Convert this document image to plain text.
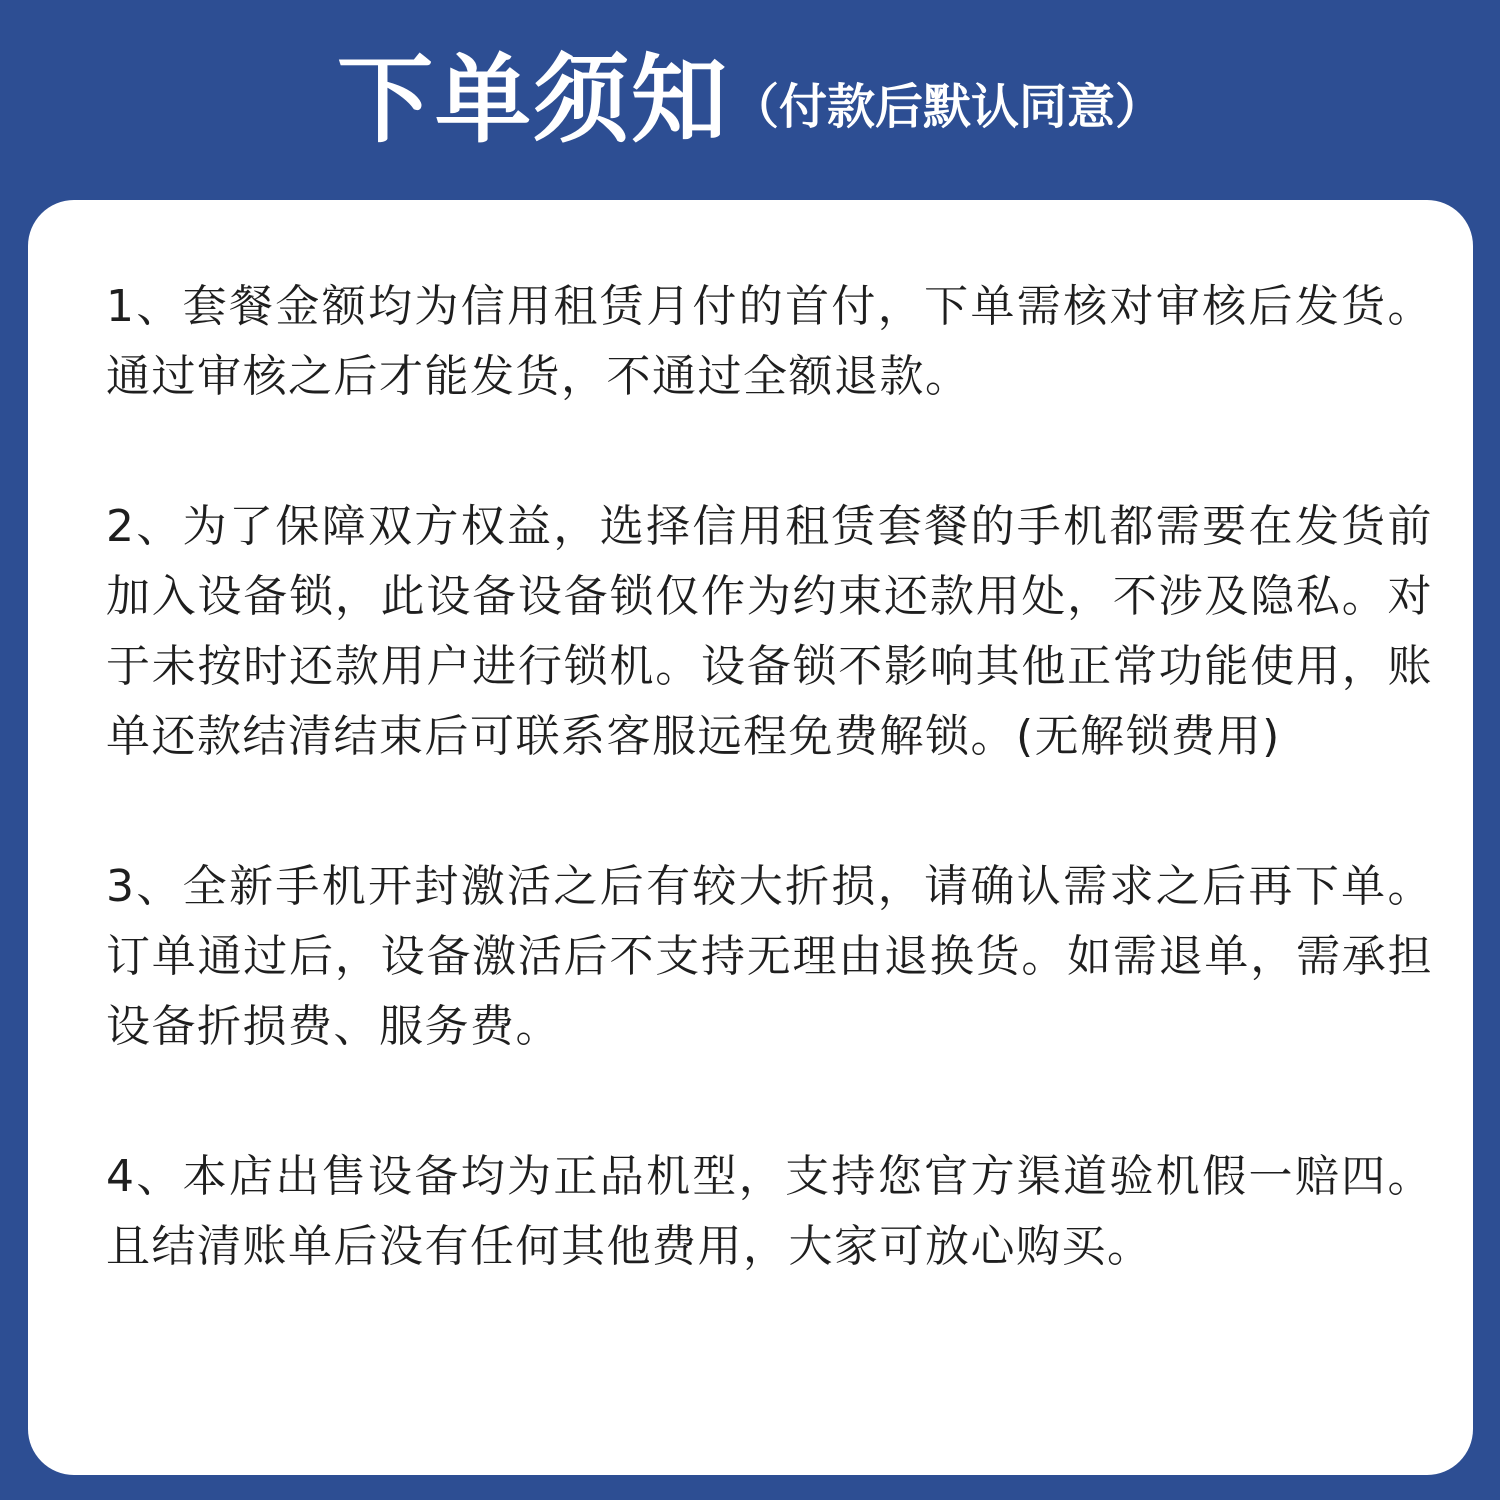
下单须知 （付款后默认同意）

1、套餐金额均为信用租赁月付的首付，下单需核对审核后发货。通过审核之后才能发货，不通过全额退款。

2、为了保障双方权益，选择信用租赁套餐的手机都需要在发货前加入设备锁，此设备设备锁仅作为约束还款用处，不涉及隐私。对于未按时还款用户进行锁机。设备锁不影响其他正常功能使用，账单还款结清结束后可联系客服远程免费解锁。(无解锁费用)

3、全新手机开封激活之后有较大折损，请确认需求之后再下单。订单通过后，设备激活后不支持无理由退换货。如需退单，需承担设备折损费、服务费。

4、本店出售设备均为正品机型，支持您官方渠道验机假一赔四。且结清账单后没有任何其他费用，大家可放心购买。
